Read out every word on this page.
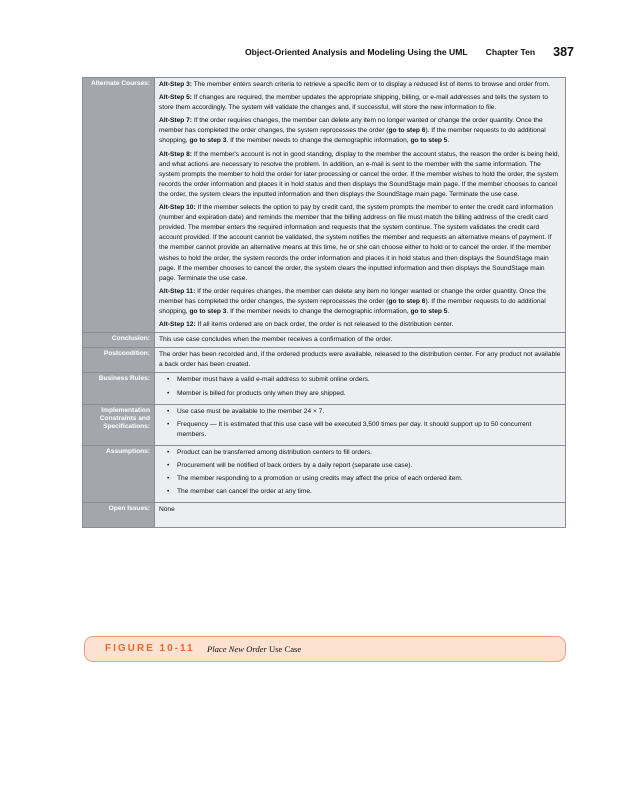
Object-Oriented Analysis and Modeling Using the UML Chapter Ten 387
Alternate Courses:	Alt-Step 3: The member enters search criteria to retrieve a specific item or to display a reduced list of items to browse and order from.
Alt-Step 5: If changes are required, the member updates the appropriate shipping, billing, or e-mail addresses and tells the system to store them accordingly. The system will validate the changes and, if successful, will store the new information to file.
Alt-Step 7: If the order requires changes, the member can delete any item no longer wanted or change the order quantity. Once the member has completed the order changes, the system reprocesses the order (go to step 6). If the member requests to do additional shopping, go to step 3. If the member needs to change the demographic information, go to step 5.
Alt-Step 8: If the member's account is not in good standing, display to the member the account status, the reason the order is being held, and what actions are necessary to resolve the problem. In addition, an e-mail is sent to the member with the same information. The system prompts the member to hold the order for later processing or cancel the order. If the member wishes to hold the order, the system records the order information and places it in hold status and then displays the SoundStage main page. If the member chooses to cancel the order, the system clears the inputted information and then displays the SoundStage main page. Terminate the use case.
Alt-Step 10: If the member selects the option to pay by credit card, the system prompts the member to enter the credit card information (number and expiration date) and reminds the member that the billing address on file must match the billing address of the credit card provided. The member enters the required information and requests that the system continue. The system validates the credit card account provided. If the account cannot be validated, the system notifies the member and requests an alternative means of payment. If the member cannot provide an alternative means at this time, he or she can choose either to hold or to cancel the order. If the member wishes to hold the order, the system records the order information and places it in hold status and then displays the SoundStage main page. If the member chooses to cancel the order, the system clears the inputted information and then displays the SoundStage main page. Terminate the use case.
Alt-Step 11: If the order requires changes, the member can delete any item no longer wanted or change the order quantity. Once the member has completed the order changes, the system reprocesses the order (go to step 6). If the member requests to do additional shopping, go to step 3. If the member needs to change the demographic information, go to step 5.
Alt-Step 12: If all items ordered are on back order, the order is not released to the distribution center.
Conclusion:	This use case concludes when the member receives a confirmation of the order.
Postcondition:	The order has been recorded and, if the ordered products were available, released to the distribution center. For any product not available a back order has been created.
Business Rules:	• Member must have a valid e-mail address to submit online orders.
• Member is billed for products only when they are shipped.
Implementation Constraints and Specifications:
• Use case must be available to the member 24 × 7.
• Frequency — It is estimated that this use case will be executed 3,500 times per day. It should support up to 50 concurrent members.
Assumptions:	• Product can be transferred among distribution centers to fill orders.
• Procurement will be notified of back orders by a daily report (separate use case).
• The member responding to a promotion or using credits may affect the price of each ordered item.
• The member can cancel the order at any time.
Open Issues:	None
FIGURE 10-11 Place New Order Use Case
